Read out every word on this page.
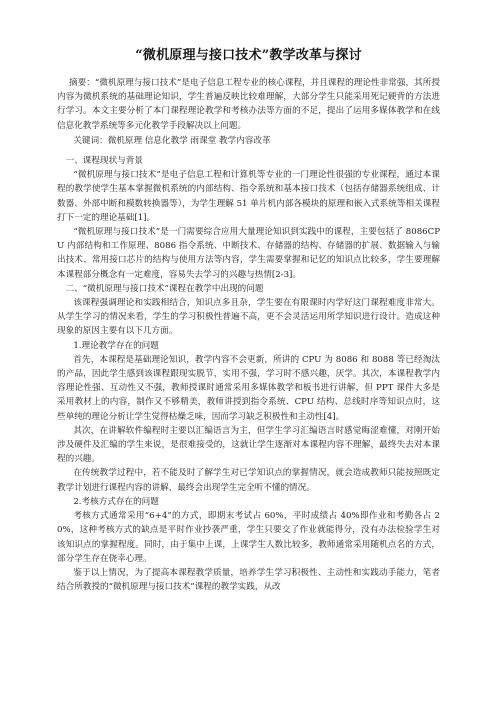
“微机原理与接口技术”教学改革与探讨

摘要：“微机原理与接口技术”是电子信息工程专业的核心课程，并且课程的理论性非常强，其所授内容为微机系统的基础理论知识，学生普遍反映比较难理解，大部分学生只能采用死记硬背的方法进行学习。本文主要分析了本门课程理论教学和考核办法等方面的不足，提出了运用多媒体教学和在线信息化教学系统等多元化教学手段解决以上问题。

关键词：微机原理 信息化教学 雨课堂 教学内容改革

一、课程现状与背景

“微机原理与接口技术”是电子信息工程和计算机等专业的一门理论性很强的专业课程，通过本课程的教学使学生基本掌握微机系统的内部结构、指令系统和基本接口技术（包括存储器系统组成、计数器、外部中断和模数转换器等），为学生理解 51 单片机内部各模块的原理和嵌入式系统等相关课程打下一定的理论基础[1]。

“微机原理与接口技术”是一门需要综合应用大量理论知识到实践中的课程，主要包括了 8086CPU 内部结构和工作原理、8086 指令系统、中断技术、存储器的结构、存储器的扩展、数据输入与输出技术、常用接口芯片的结构与使用方法等内容，学生需要掌握和记忆的知识点比较多，学生要理解本课程部分概念有一定难度，容易失去学习的兴趣与热情[2-3]。

二、“微机原理与接口技术”课程在教学中出现的问题

该课程强调理论和实践相结合，知识点多且杂，学生要在有限课时内学好这门课程难度非常大。从学生学习的情况来看，学生的学习积极性普遍不高，更不会灵活运用所学知识进行设计。造成这种现象的原因主要有以下几方面。

1.理论教学存在的问题

首先，本课程是基础理论知识，教学内容不会更新，所讲的 CPU 为 8086 和 8088 等已经淘汰的产品，因此学生感到该课程跟现实脱节，实用不强，学习时不感兴趣，厌学。其次，本课程教学内容理论性强、互动性又不强，教师授课时通常采用多媒体教学和板书进行讲解，但 PPT 课件大多是采用教材上的内容，制作又不够精美，教师讲授到指令系统、CPU 结构、总线时序等知识点时，这些单纯的理论分析让学生觉得枯燥乏味，因而学习缺乏积极性和主动性[4]。

其次，在讲解软件编程时主要以汇编语言为主，但学生学习汇编语言时感觉晦涩难懂，对刚开始涉及硬件及汇编的学生来说，是很难接受的，这就让学生逐渐对本课程内容不理解，最终失去对本课程的兴趣。

在传统教学过程中，若不能及时了解学生对已学知识点的掌握情况，就会造成教师只能按照既定教学计划进行课程内容的讲解，最终会出现学生完全听不懂的情况。

2.考核方式存在的问题

考核方式通常采用“6+4”的方式，即期末考试占 60%，平时成绩占 40%即作业和考勤各占 20%，这种考核方式的缺点是平时作业抄袭严重，学生只要交了作业就能得分，没有办法检验学生对该知识点的掌握程度。同时，由于集中上课，上课学生人数比较多，教师通常采用随机点名的方式，部分学生存在侥幸心理。

鉴于以上情况，为了提高本课程教学质量，培养学生学习积极性、主动性和实践动手能力，笔者结合所教授的“微机原理与接口技术”课程的教学实践，从改
